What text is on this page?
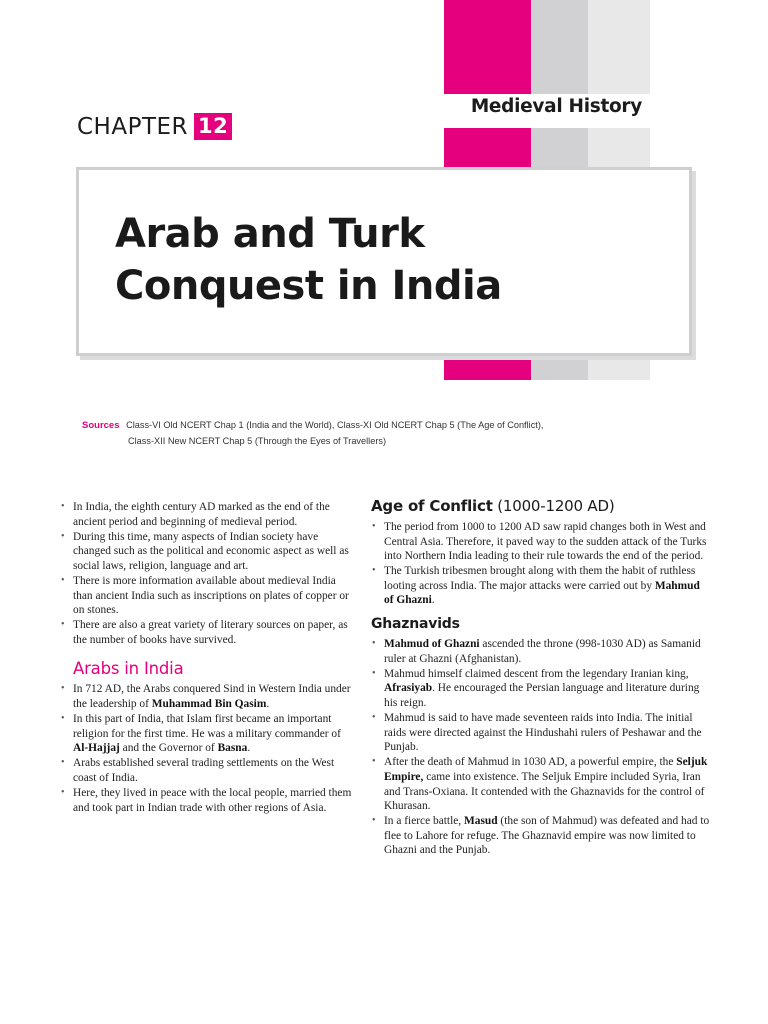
Medieval History
CHAPTER 12
Arab and Turk
Conquest in India
Sources Class-VI Old NCERT Chap 1 (India and the World), Class-XI Old NCERT Chap 5 (The Age of Conflict),
Class-XII New NCERT Chap 5 (Through the Eyes of Travellers)
• In India, the eighth century AD marked as the end of the ancient period and beginning of medieval period.
• During this time, many aspects of Indian society have changed such as the political and economic aspect as well as social laws, religion, language and art.
• There is more information available about medieval India than ancient India such as inscriptions on plates of copper or on stones.
• There are also a great variety of literary sources on paper, as the number of books have survived.
Arabs in India
• In 712 AD, the Arabs conquered Sind in Western India under the leadership of Muhammad Bin Qasim.
• In this part of India, that Islam first became an important religion for the first time. He was a military commander of Al-Hajjaj and the Governor of Basna.
• Arabs established several trading settlements on the West coast of India.
• Here, they lived in peace with the local people, married them and took part in Indian trade with other regions of Asia.
Age of Conflict (1000-1200 AD)
• The period from 1000 to 1200 AD saw rapid changes both in West and Central Asia. Therefore, it paved way to the sudden attack of the Turks into Northern India leading to their rule towards the end of the period.
• The Turkish tribesmen brought along with them the habit of ruthless looting across India. The major attacks were carried out by Mahmud of Ghazni.
Ghaznavids
• Mahmud of Ghazni ascended the throne (998-1030 AD) as Samanid ruler at Ghazni (Afghanistan).
• Mahmud himself claimed descent from the legendary Iranian king, Afrasiyab. He encouraged the Persian language and literature during his reign.
• Mahmud is said to have made seventeen raids into India. The initial raids were directed against the Hindushahi rulers of Peshawar and the Punjab.
• After the death of Mahmud in 1030 AD, a powerful empire, the Seljuk Empire, came into existence. The Seljuk Empire included Syria, Iran and Trans-Oxiana. It contended with the Ghaznavids for the control of Khurasan.
• In a fierce battle, Masud (the son of Mahmud) was defeated and had to flee to Lahore for refuge. The Ghaznavid empire was now limited to Ghazni and the Punjab.
